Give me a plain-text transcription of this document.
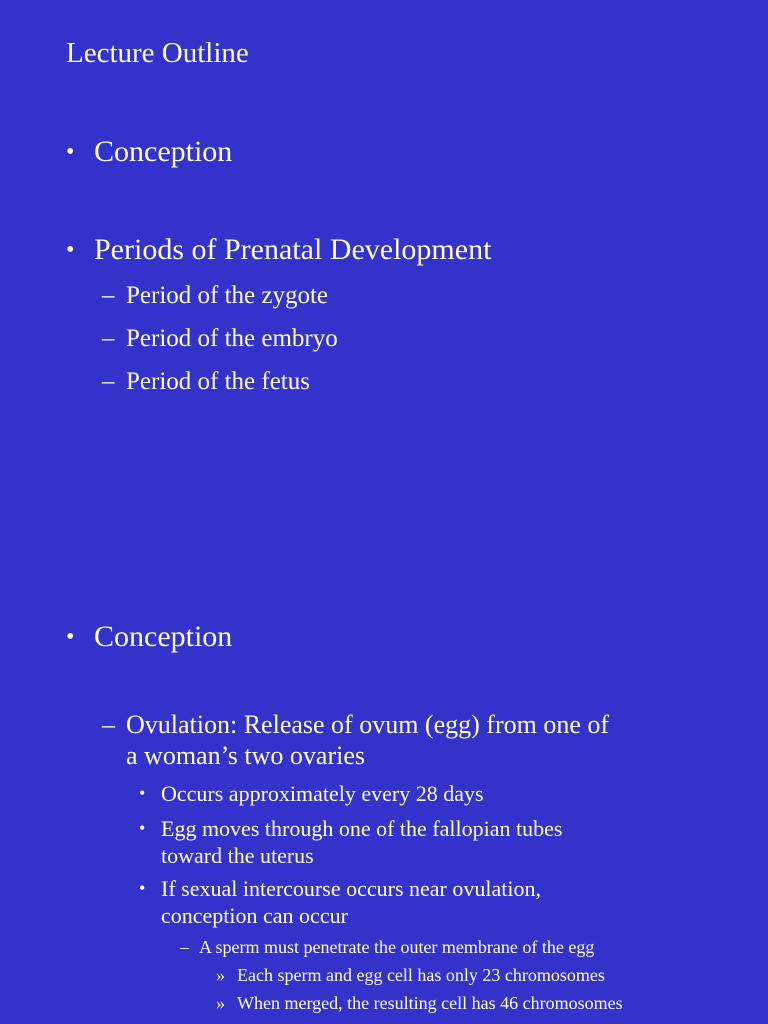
Lecture Outline
• Conception
• Periods of Prenatal Development
– Period of the zygote
– Period of the embryo
– Period of the fetus
• Conception
– Ovulation: Release of ovum (egg) from one of
a woman’s two ovaries
• Occurs approximately every 28 days
• Egg moves through one of the fallopian tubes
toward the uterus
• If sexual intercourse occurs near ovulation,
conception can occur
– A sperm must penetrate the outer membrane of the egg
» Each sperm and egg cell has only 23 chromosomes
» When merged, the resulting cell has 46 chromosomes
